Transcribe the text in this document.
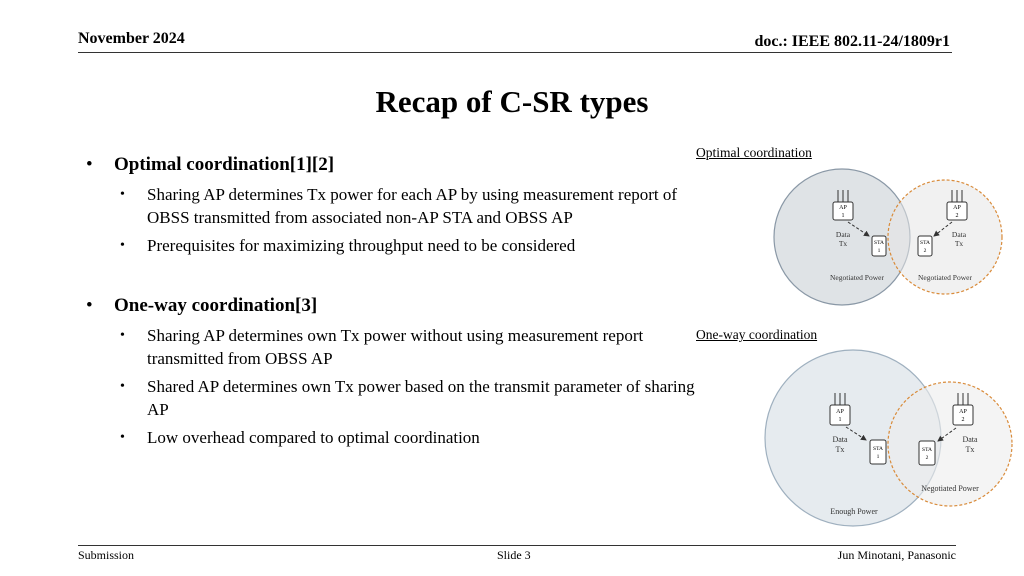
November 2024	doc.: IEEE 802.11-24/1809r1
Recap of C-SR types
•	Optimal coordination[1][2]
•	Sharing AP determines Tx power for each AP by using measurement report of OBSS transmitted from associated non-AP STA and OBSS AP
•	Prerequisites for maximizing throughput need to be considered
•	One-way coordination[3]
•	Sharing AP determines own Tx power without using measurement report transmitted from OBSS AP
•	Shared AP determines own Tx power based on the transmit parameter of sharing AP
•	Low overhead compared to optimal coordination
Optimal coordination
AP
1
AP
2
STA
1
STA
2
Data
Tx
Data
Tx
Negotiated Power	Negotiated Power
One-way coordination
AP
1
AP
2
STA
1
STA
2
Data
Tx
Data
Tx
Negotiated Power
Enough Power
Submission	Slide 3	Jun Minotani, Panasonic
